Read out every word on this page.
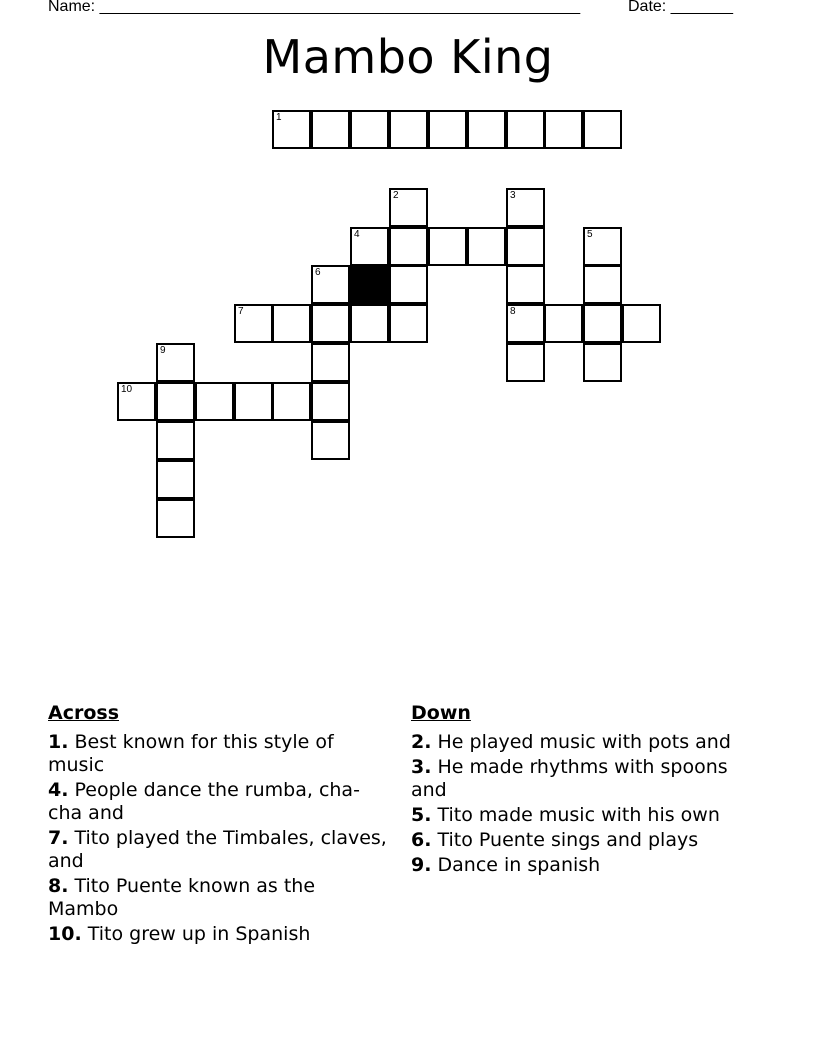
Name: ______________________________________________________	Date: _______
Mambo King
1
2	3
4	5
6
7	8
9
10
Across
1. Best known for this style of music
4. People dance the rumba, cha-cha and
7. Tito played the Timbales, claves, and
8. Tito Puente known as the Mambo
10. Tito grew up in Spanish
Down
2. He played music with pots and
3. He made rhythms with spoons and
5. Tito made music with his own
6. Tito Puente sings and plays
9. Dance in spanish
